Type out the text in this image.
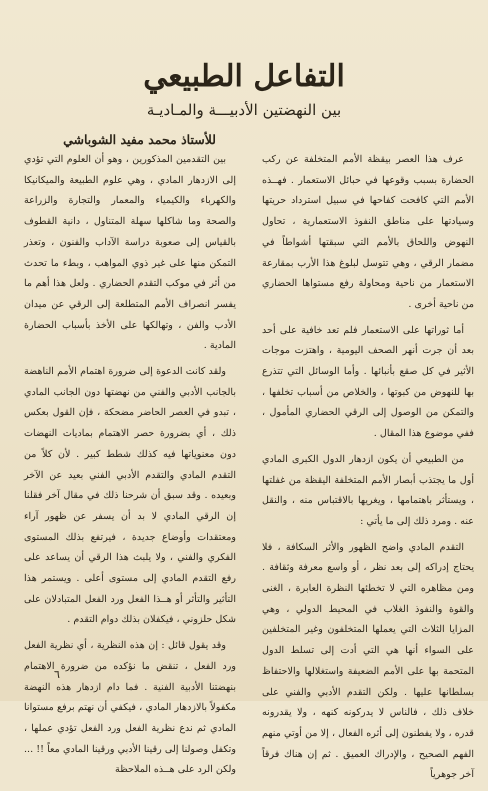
التفاعل الطبيعي
بين النهضتين الأدبيـــة والمـاديـة
للأستاذ محمد مفيد الشوباشي

عرف هذا العصر بيقظة الأمم المتخلفة عن ركب الحضارة بسبب وقوعها في حبائل الاستعمار . فهــذه الأمم التي كافحت كفاحها في سبيل استرداد حريتها وسيادتها على مناطق النفوذ الاستعمارية ، تحاول النهوض واللحاق بالأمم التي سبقتها أشواطاً في مضمار الرقي ، وهي تتوسل لبلوغ هذا الأرب بمقارعة الاستعمار من ناحية ومحاولة رفع مستواها الحضاري من ناحية أخرى .

أما ثوراتها على الاستعمار فلم تعد خافية على أحد بعد أن جرت أنهر الصحف اليومية ، واهتزت موجات الأثير في كل صقع بأنبائها . وأما الوسائل التي تتذرع بها للنهوض من كبوتها ، والخلاص من أسباب تخلفها ، والتمكن من الوصول إلى الرقي الحضاري المأمول ، ففي موضوع هذا المقال .

من الطبيعي أن يكون ازدهار الدول الكبرى المادي أول ما يجتذب أبصار الأمم المتخلفة اليقظة من غفلتها ، ويستأثر باهتمامها ، ويغريها بالاقتباس منه ، والنقل عنه . ومرد ذلك إلى ما يأتي :

التقدم المادي واضح الظهور والأثر السكافة ، فلا يحتاج إدراكه إلى بعد نظر ، أو واسع معرفة وثقافة . ومن مظاهره التي لا تخطئها النظرة العابرة ، الغنى والقوة والنفوذ الغلاب في المحيط الدولي ، وهي المزايا الثلاث التي يعملها المتخلفون وغير المتخلفين على السواء أنها هي التي أدت إلى تسلط الدول المتحمة بها على الأمم الضعيفة واستغلالها والاحتفاظ بسلطانها عليها . ولكن التقدم الأدبي والفني على خلاف ذلك ، فالناس لا يدركونه كنهه ، ولا يقدرونه قدره ، ولا يفطنون إلى أثره الفعال ، إلا من أوتي منهم الفهم الصحيح ، والإدراك العميق . ثم إن هناك فرقاً آخر جوهرياً

بين التقدمين المذكورين ، وهو أن العلوم التي تؤدي إلى الازدهار المادي ، وهي علوم الطبيعة والميكانيكا والكهرباء والكيمياء والمعمار والتجارة والزراعة والصحة وما شاكلها سهلة المتناول ، دانية القطوف بالقياس إلى صعوبة دراسة الآداب والفنون ، وتعذر التمكن منها على غير ذوي المواهب ، وبطء ما تحدث من أثر في موكب التقدم الحضاري . ولعل هذا أهم ما يفسر انصراف الأمم المتطلعة إلى الرقي عن ميدان الأدب والفن ، وتهالكها على الأخذ بأسباب الحضارة المادية .

ولقد كانت الدعوة إلى ضرورة اهتمام الأمم الناهضة بالجانب الأدبي والفني من نهضتها دون الجانب المادي ، تبدو في العصر الحاضر مضحكة ، فإن القول بعكس ذلك ، أي بضرورة حصر الاهتمام بماديات النهضات دون معنوياتها فيه كذلك شطط كبير . لأن كلاً من التقدم المادي والتقدم الأدبي الفني بعيد عن الآخر وبعيده . وقد سبق أن شرحنا ذلك في مقال آخر فقلنا إن الرقي المادي لا بد أن يسفر عن ظهور آراء ومعتقدات وأوضاع جديدة ، فيرتفع بذلك المستوى الفكري والفني ، ولا يلبث هذا الرقي أن يساعد على رفع التقدم المادي إلى مستوى أعلى . ويستمر هذا التأثير والتأثر أو هــذا الفعل ورد الفعل المتبادلان على شكل حلزوني ، فيكفلان بذلك دوام التقدم .

وقد يقول قائل : إن هذه النظرية ، أي نظرية الفعل ورد الفعل ، تنقض ما نؤكده من ضرورة الاهتمام بنهضتنا الأدبية الفنية . فما دام ازدهار هذه النهضة مكفولاً بالازدهار المادي ، فيكفي أن نهتم برفع مستوانا المادي ثم ندع نظرية الفعل ورد الفعل تؤدي عملها ، وتكفل وصولنا إلى رقينا الأدبي ورقينا المادي معاً !! ... ولكن الرد على هــذه الملاحظة

٦
